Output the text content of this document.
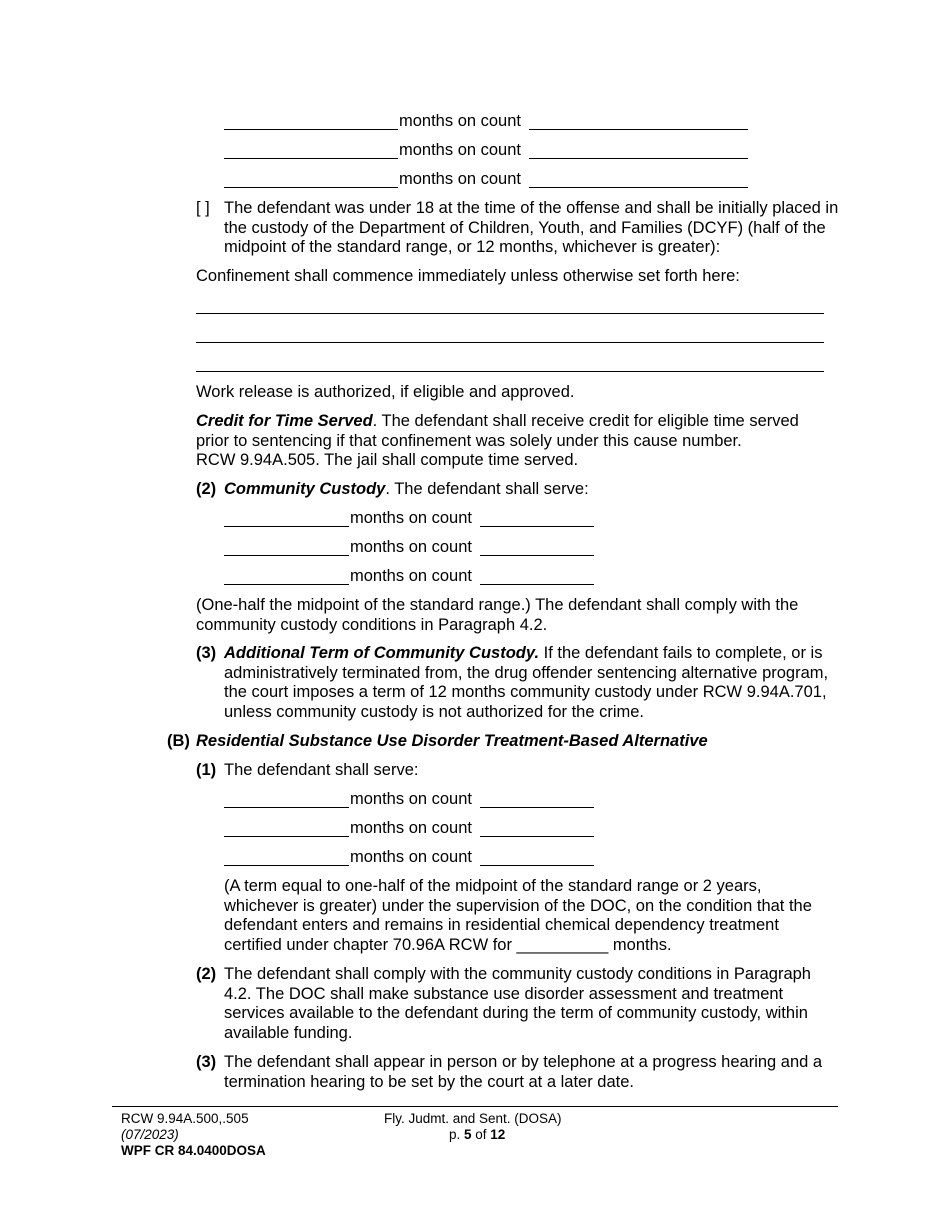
months on count
months on count
months on count
[ ] The defendant was under 18 at the time of the offense and shall be initially placed in the custody of the Department of Children, Youth, and Families (DCYF) (half of the midpoint of the standard range, or 12 months, whichever is greater):
Confinement shall commence immediately unless otherwise set forth here:
Work release is authorized, if eligible and approved.
Credit for Time Served. The defendant shall receive credit for eligible time served prior to sentencing if that confinement was solely under this cause number.
RCW 9.94A.505. The jail shall compute time served.
(2) Community Custody. The defendant shall serve:
months on count
months on count
months on count
(One-half the midpoint of the standard range.) The defendant shall comply with the community custody conditions in Paragraph 4.2.
(3) Additional Term of Community Custody. If the defendant fails to complete, or is administratively terminated from, the drug offender sentencing alternative program, the court imposes a term of 12 months community custody under RCW 9.94A.701, unless community custody is not authorized for the crime.
(B) Residential Substance Use Disorder Treatment-Based Alternative
(1) The defendant shall serve:
months on count
months on count
months on count
(A term equal to one-half of the midpoint of the standard range or 2 years, whichever is greater) under the supervision of the DOC, on the condition that the defendant enters and remains in residential chemical dependency treatment certified under chapter 70.96A RCW for __________ months.
(2) The defendant shall comply with the community custody conditions in Paragraph 4.2. The DOC shall make substance use disorder assessment and treatment services available to the defendant during the term of community custody, within available funding.
(3) The defendant shall appear in person or by telephone at a progress hearing and a termination hearing to be set by the court at a later date.
RCW 9.94A.500,.505
(07/2023)
WPF CR 84.0400DOSA
Fly. Judmt. and Sent. (DOSA)
p. 5 of 12
